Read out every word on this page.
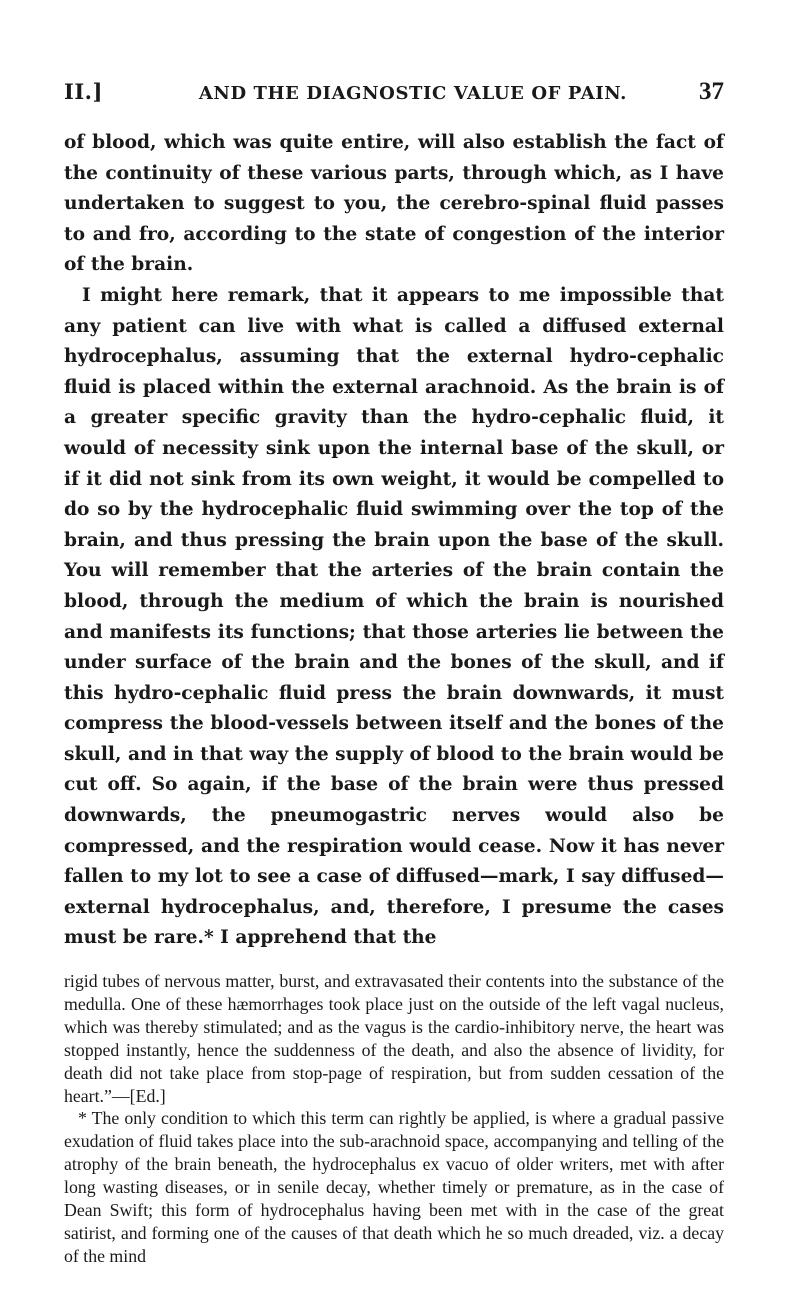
II.]	AND THE DIAGNOSTIC VALUE OF PAIN.	37

of blood, which was quite entire, will also establish the fact of the continuity of these various parts, through which, as I have undertaken to suggest to you, the cerebro-spinal fluid passes to and fro, according to the state of congestion of the interior of the brain.

I might here remark, that it appears to me impossible that any patient can live with what is called a diffused external hydrocephalus, assuming that the external hydro-cephalic fluid is placed within the external arachnoid. As the brain is of a greater specific gravity than the hydro-cephalic fluid, it would of necessity sink upon the internal base of the skull, or if it did not sink from its own weight, it would be compelled to do so by the hydrocephalic fluid swimming over the top of the brain, and thus pressing the brain upon the base of the skull. You will remember that the arteries of the brain contain the blood, through the medium of which the brain is nourished and manifests its functions; that those arteries lie between the under surface of the brain and the bones of the skull, and if this hydro-cephalic fluid press the brain downwards, it must compress the blood-vessels between itself and the bones of the skull, and in that way the supply of blood to the brain would be cut off. So again, if the base of the brain were thus pressed downwards, the pneumogastric nerves would also be compressed, and the respiration would cease. Now it has never fallen to my lot to see a case of diffused—mark, I say diffused—external hydrocephalus, and, therefore, I presume the cases must be rare.* I apprehend that the

rigid tubes of nervous matter, burst, and extravasated their contents into the substance of the medulla. One of these hæmorrhages took place just on the outside of the left vagal nucleus, which was thereby stimulated; and as the vagus is the cardio-inhibitory nerve, the heart was stopped instantly, hence the suddenness of the death, and also the absence of lividity, for death did not take place from stop-page of respiration, but from sudden cessation of the heart.”—[Ed.]

* The only condition to which this term can rightly be applied, is where a gradual passive exudation of fluid takes place into the sub-arachnoid space, accompanying and telling of the atrophy of the brain beneath, the hydrocephalus ex vacuo of older writers, met with after long wasting diseases, or in senile decay, whether timely or premature, as in the case of Dean Swift; this form of hydrocephalus having been met with in the case of the great satirist, and forming one of the causes of that death which he so much dreaded, viz. a decay of the mind
